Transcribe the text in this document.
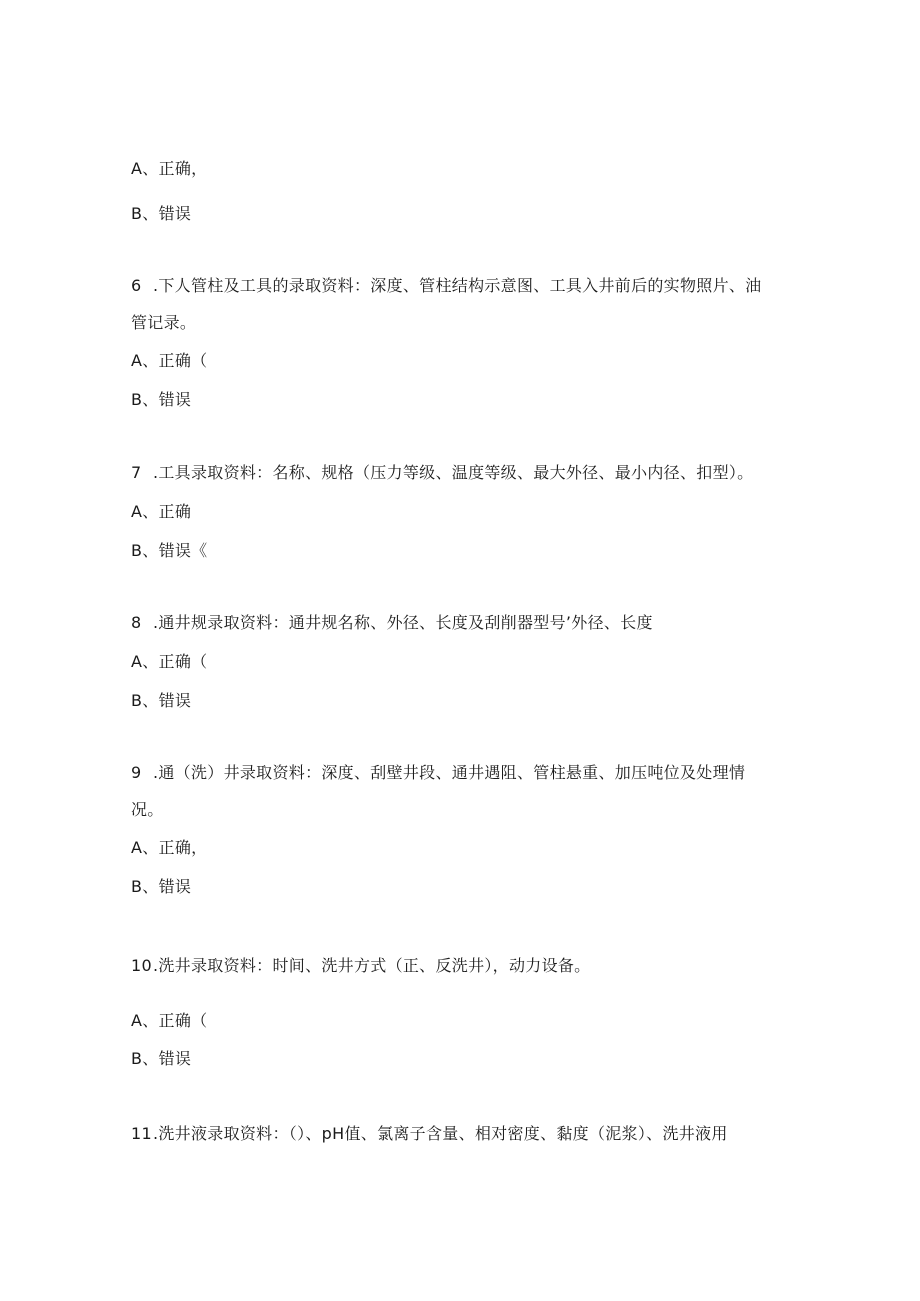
A、正确，
B、错误
6 .下人管柱及工具的录取资料：深度、管柱结构示意图、工具入井前后的实物照片、油
管记录。
A、正确（
B、错误
7 .工具录取资料：名称、规格（压力等级、温度等级、最大外径、最小内径、扣型）。
A、正确
B、错误《
8 .通井规录取资料：通井规名称、外径、长度及刮削器型号’外径、长度
A、正确（
B、错误
9 .通（洗）井录取资料：深度、刮壁井段、通井遇阻、管柱悬重、加压吨位及处理情
况。
A、正确，
B、错误
10.洗井录取资料：时间、洗井方式（正、反洗井），动力设备。
A、正确（
B、错误
11.洗井液录取资料：（）、pH值、氯离子含量、相对密度、黏度（泥浆）、洗井液用
